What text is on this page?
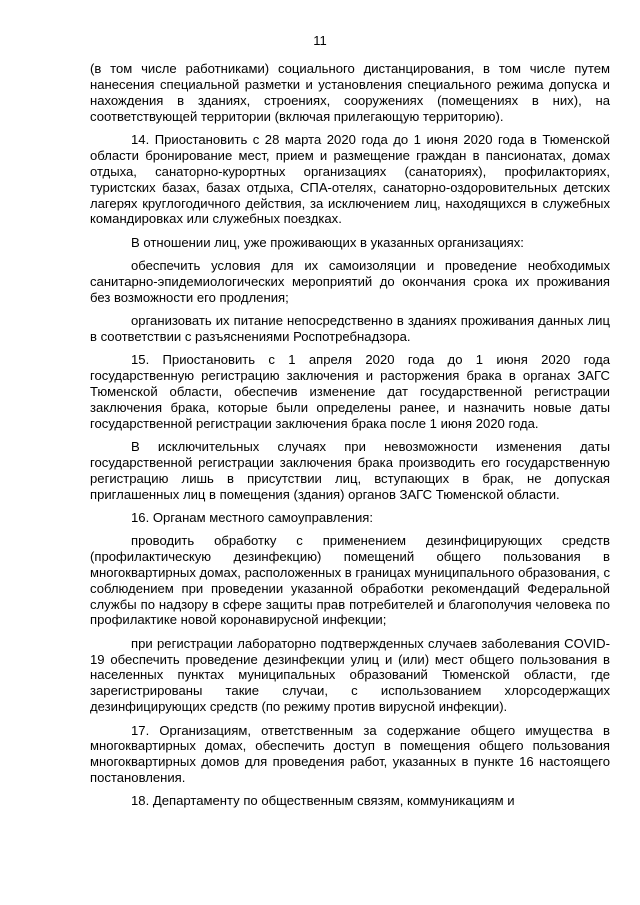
11

(в том числе работниками) социального дистанцирования, в том числе путем нанесения специальной разметки и установления специального режима допуска и нахождения в зданиях, строениях, сооружениях (помещениях в них), на соответствующей территории (включая прилегающую территорию).

14. Приостановить с 28 марта 2020 года до 1 июня 2020 года в Тюменской области бронирование мест, прием и размещение граждан в пансионатах, домах отдыха, санаторно-курортных организациях (санаториях), профилакториях, туристских базах, базах отдыха, СПА-отелях, санаторно-оздоровительных детских лагерях круглогодичного действия, за исключением лиц, находящихся в служебных командировках или служебных поездках.

В отношении лиц, уже проживающих в указанных организациях:

обеспечить условия для их самоизоляции и проведение необходимых санитарно-эпидемиологических мероприятий до окончания срока их проживания без возможности его продления;

организовать их питание непосредственно в зданиях проживания данных лиц в соответствии с разъяснениями Роспотребнадзора.

15. Приостановить с 1 апреля 2020 года до 1 июня 2020 года государственную регистрацию заключения и расторжения брака в органах ЗАГС Тюменской области, обеспечив изменение дат государственной регистрации заключения брака, которые были определены ранее, и назначить новые даты государственной регистрации заключения брака после 1 июня 2020 года.

В исключительных случаях при невозможности изменения даты государственной регистрации заключения брака производить его государственную регистрацию лишь в присутствии лиц, вступающих в брак, не допуская приглашенных лиц в помещения (здания) органов ЗАГС Тюменской области.

16. Органам местного самоуправления:

проводить обработку с применением дезинфицирующих средств (профилактическую дезинфекцию) помещений общего пользования в многоквартирных домах, расположенных в границах муниципального образования, с соблюдением при проведении указанной обработки рекомендаций Федеральной службы по надзору в сфере защиты прав потребителей и благополучия человека по профилактике новой коронавирусной инфекции;

при регистрации лабораторно подтвержденных случаев заболевания COVID-19 обеспечить проведение дезинфекции улиц и (или) мест общего пользования в населенных пунктах муниципальных образований Тюменской области, где зарегистрированы такие случаи, с использованием хлорсодержащих дезинфицирующих средств (по режиму против вирусной инфекции).

17. Организациям, ответственным за содержание общего имущества в многоквартирных домах, обеспечить доступ в помещения общего пользования многоквартирных домов для проведения работ, указанных в пункте 16 настоящего постановления.

18. Департаменту по общественным связям, коммуникациям и
